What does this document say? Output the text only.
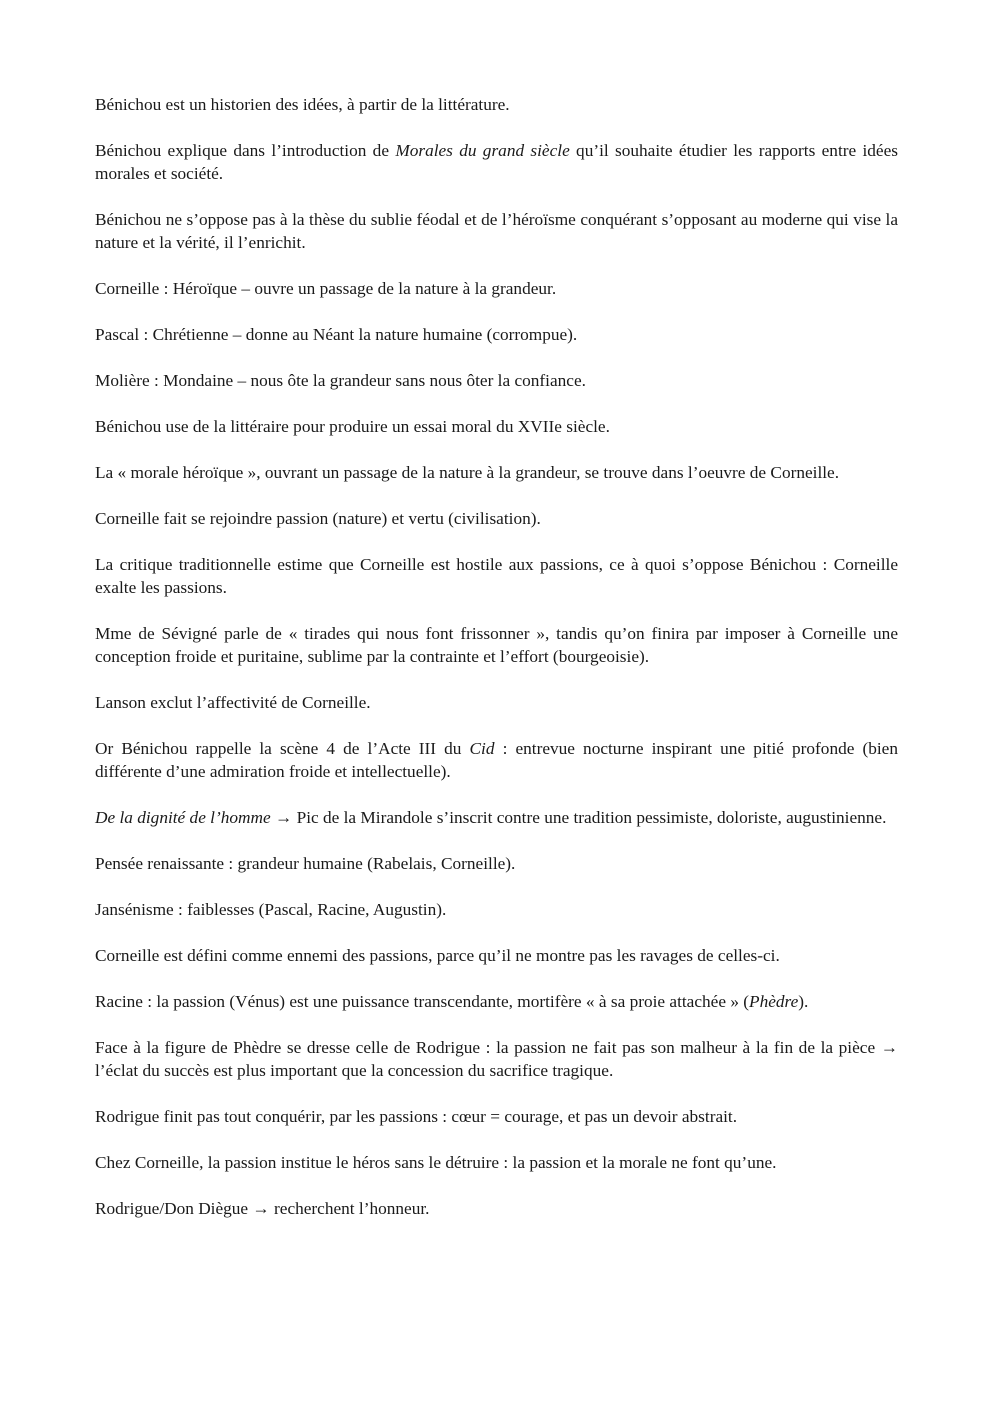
Bénichou est un historien des idées, à partir de la littérature.

Bénichou explique dans l’introduction de Morales du grand siècle qu’il souhaite étudier les rapports entre idées morales et société.

Bénichou ne s’oppose pas à la thèse du sublie féodal et de l’héroïsme conquérant s’opposant au moderne qui vise la nature et la vérité, il l’enrichit.

Corneille : Héroïque – ouvre un passage de la nature à la grandeur.

Pascal : Chrétienne – donne au Néant la nature humaine (corrompue).

Molière : Mondaine – nous ôte la grandeur sans nous ôter la confiance.

Bénichou use de la littéraire pour produire un essai moral du XVIIe siècle.

La « morale héroïque », ouvrant un passage de la nature à la grandeur, se trouve dans l’oeuvre de Corneille.

Corneille fait se rejoindre passion (nature) et vertu (civilisation).

La critique traditionnelle estime que Corneille est hostile aux passions, ce à quoi s’oppose Bénichou : Corneille exalte les passions.

Mme de Sévigné parle de « tirades qui nous font frissonner », tandis qu’on finira par imposer à Corneille une conception froide et puritaine, sublime par la contrainte et l’effort (bourgeoisie).

Lanson exclut l’affectivité de Corneille.

Or Bénichou rappelle la scène 4 de l’Acte III du Cid : entrevue nocturne inspirant une pitié profonde (bien différente d’une admiration froide et intellectuelle).

De la dignité de l’homme → Pic de la Mirandole s’inscrit contre une tradition pessimiste, doloriste, augustinienne.

Pensée renaissante : grandeur humaine (Rabelais, Corneille).

Jansénisme : faiblesses (Pascal, Racine, Augustin).

Corneille est défini comme ennemi des passions, parce qu’il ne montre pas les ravages de celles-ci.

Racine : la passion (Vénus) est une puissance transcendante, mortifère « à sa proie attachée » (Phèdre).

Face à la figure de Phèdre se dresse celle de Rodrigue : la passion ne fait pas son malheur à la fin de la pièce → l’éclat du succès est plus important que la concession du sacrifice tragique.

Rodrigue finit pas tout conquérir, par les passions : cœur = courage, et pas un devoir abstrait.

Chez Corneille, la passion institue le héros sans le détruire : la passion et la morale ne font qu’une.

Rodrigue/Don Diègue → recherchent l’honneur.
